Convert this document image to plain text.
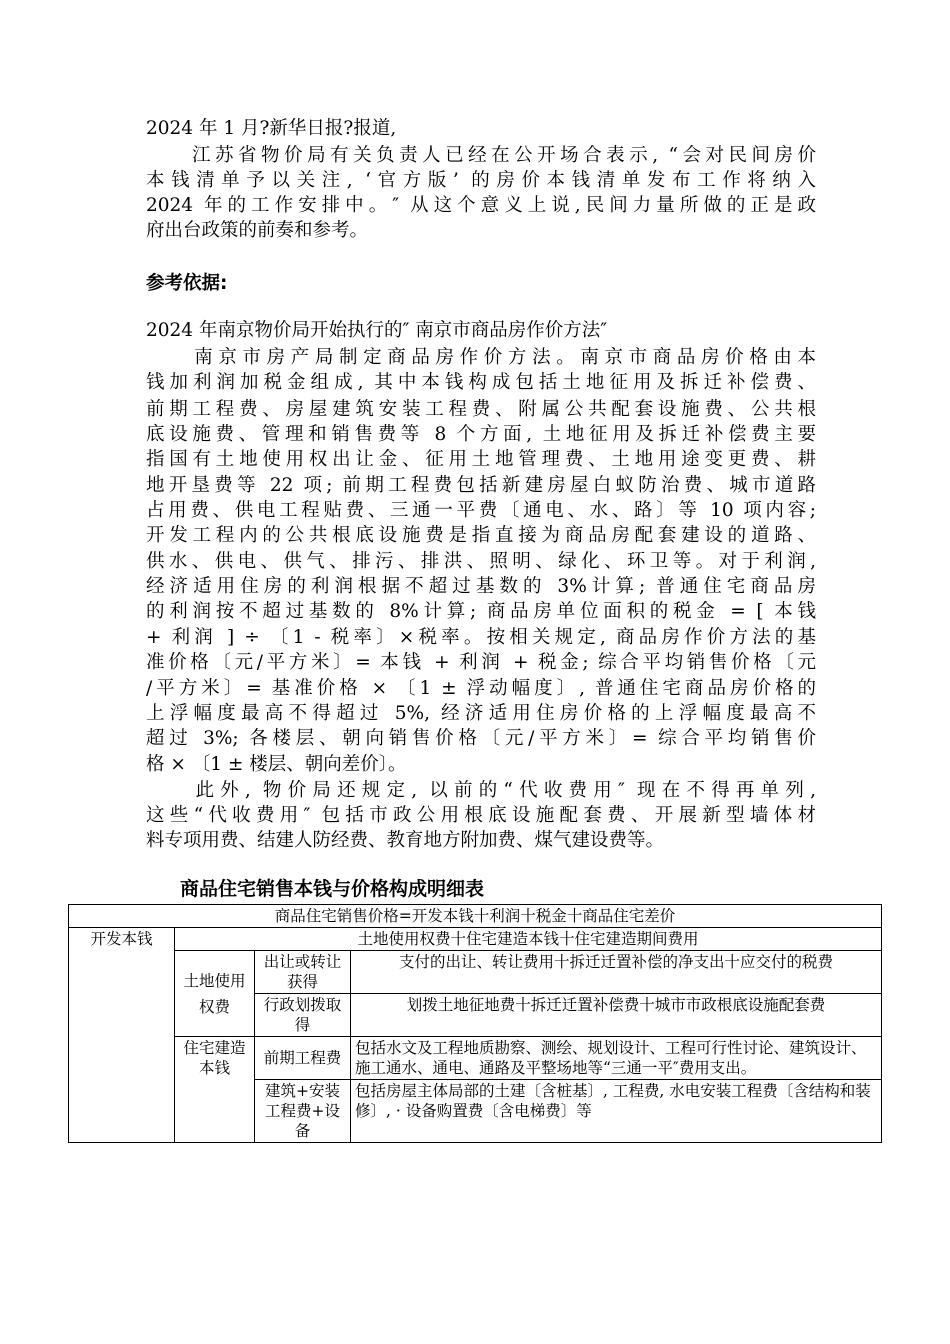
2024 年 1 月?新华日报?报道,
　　江苏省物价局有关负责人已经在公开场合表示, “会对民间房价
本钱清单予以关注, ‘官方版’ 的房价本钱清单发布工作将纳入
2024 年的工作安排中。″ 从这个意义上说,民间力量所做的正是政
府出台政策的前奏和参考。
参考依据:
2024 年南京物价局开始执行的″ 南京市商品房作价方法″
　　南京市房产局制定商品房作价方法。南京市商品房价格由本
钱加利润加税金组成, 其中本钱构成包括土地征用及拆迁补偿费、
前期工程费、房屋建筑安装工程费、附属公共配套设施费、公共根
底设施费、管理和销售费等 8 个方面, 土地征用及拆迁补偿费主要
指国有土地使用权出让金、征用土地管理费、土地用途变更费、耕
地开垦费等 22 项; 前期工程费包括新建房屋白蚁防治费、城市道路
占用费、供电工程贴费、三通一平费〔通电、水、路〕等 10 项内容;
开发工程内的公共根底设施费是指直接为商品房配套建设的道路、
供水、供电、供气、排污、排洪、照明、绿化、环卫等。对于利润,
经济适用住房的利润根据不超过基数的 3%计算; 普通住宅商品房
的利润按不超过基数的 8%计算; 商品房单位面积的税金 = [ 本钱
+ 利润 ] ÷ 〔1 - 税率〕×税率。按相关规定, 商品房作价方法的基
准价格〔元/平方米〕= 本钱 + 利润 + 税金; 综合平均销售价格〔元
/平方米〕= 基准价格 × 〔1 ± 浮动幅度〕, 普通住宅商品房价格的
上浮幅度最高不得超过 5%, 经济适用住房价格的上浮幅度最高不
超过 3%; 各楼层、朝向销售价格〔元/平方米〕= 综合平均销售价
格 × 〔1 ± 楼层、朝向差价〕。
　　此外, 物价局还规定, 以前的“代收费用″ 现在不得再单列,
这些“代收费用″ 包括市政公用根底设施配套费、开展新型墙体材
料专项用费、结建人防经费、教育地方附加费、煤气建设费等。
商品住宅销售本钱与价格构成明细表
商品住宅销售价格=开发本钱十利润十税金十商品住宅差价			
开发本钱	土地使用权费十住宅建造本钱十住宅建造期间费用		
	土地使用权费	出让或转让获得	支付的出让、转让费用十拆迁迁置补偿的净支出十应交付的税费
		行政划拨取得	划拨土地征地费十拆迁迁置补偿费十城市市政根底设施配套费
	住宅建造本钱	前期工程费	包括水文及工程地质勘察、测绘、规划设计、工程可行性讨论、建筑设计、施工通水、通电、通路及平整场地等“三通一平″费用支出。
		建筑+安装工程费+设备	包括房屋主体局部的土建〔含桩基〕, 工程费, 水电安装工程费〔含结构和装修〕, · 设备购置费〔含电梯费〕等
